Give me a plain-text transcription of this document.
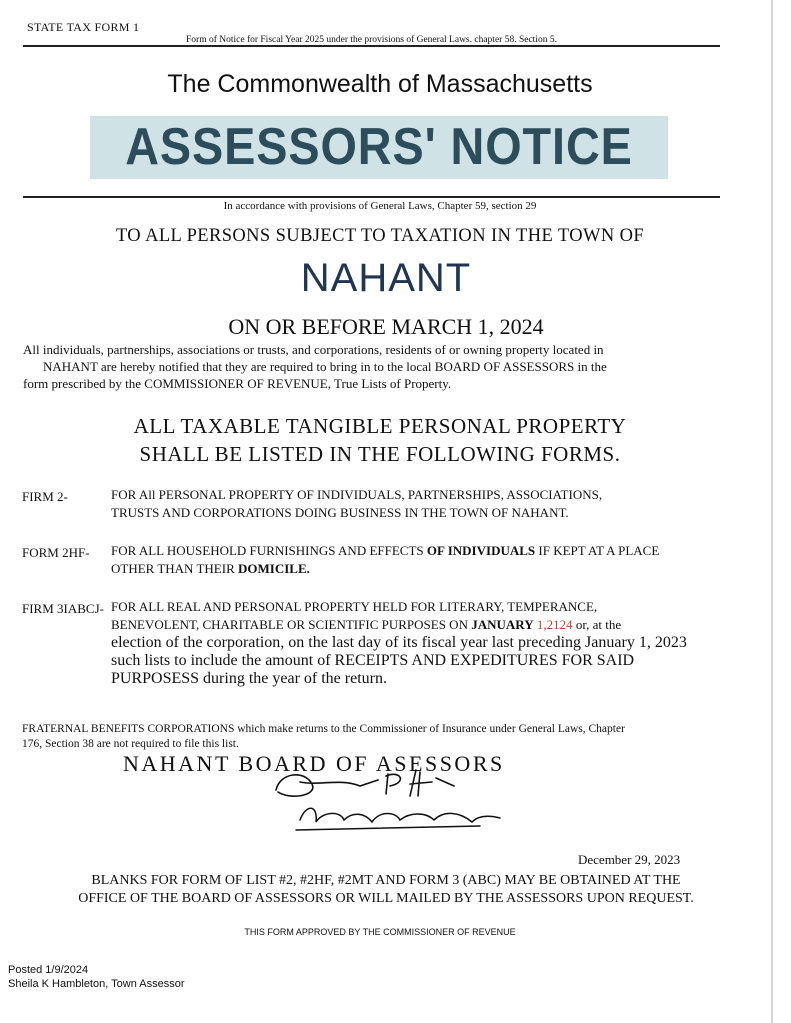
STATE TAX FORM 1
Form of Notice for Fiscal Year 2025 under the provisions of General Laws. chapter 58. Section 5.
The Commonwealth of Massachusetts
ASSESSORS' NOTICE
In accordance with provisions of General Laws, Chapter 59, section 29
TO ALL PERSONS SUBJECT TO TAXATION IN THE TOWN OF
NAHANT
ON OR BEFORE MARCH 1, 2024
All individuals, partnerships, associations or trusts, and corporations, residents of or owning property located in
NAHANT are hereby notified that they are required to bring in to the local BOARD OF ASSESSORS in the
form prescribed by the COMMISSIONER OF REVENUE, True Lists of Property.
ALL TAXABLE TANGIBLE PERSONAL PROPERTY
SHALL BE LISTED IN THE FOLLOWING FORMS.
FIRM 2-	FOR All PERSONAL PROPERTY OF INDIVIDUALS, PARTNERSHIPS, ASSOCIATIONS,
TRUSTS AND CORPORATIONS DOING BUSINESS IN THE TOWN OF NAHANT.
FORM 2HF- FOR ALL HOUSEHOLD FURNISHINGS AND EFFECTS OF INDIVIDUALS IF KEPT AT A PLACE
OTHER THAN THEIR DOMICILE.
FIRM 3IABCJ- FOR ALL REAL AND PERSONAL PROPERTY HELD FOR LITERARY, TEMPERANCE,
BENEVOLENT, CHARITABLE OR SCIENTIFIC PURPOSES ON JANUARY 1,2124 or, at the
election of the corporation, on the last day of its fiscal year last preceding January 1, 2023
such lists to include the amount of RECEIPTS AND EXPEDITURES FOR SAID
PURPOSESS during the year of the return.
FRATERNAL BENEFITS CORPORATIONS which make returns to the Commissioner of Insurance under General Laws, Chapter
176, Section 38 are not required to file this list.
NAHANT BOARD OF ASESSORS
December 29, 2023
BLANKS FOR FORM OF LIST #2, #2HF, #2MT AND FORM 3 (ABC) MAY BE OBTAINED AT THE
OFFICE OF THE BOARD OF ASSESSORS OR WILL MAILED BY THE ASSESSORS UPON REQUEST.
THIS FORM APPROVED BY THE COMMISSIONER OF REVENUE
Posted 1/9/2024
Sheila K Hambleton, Town Assessor
